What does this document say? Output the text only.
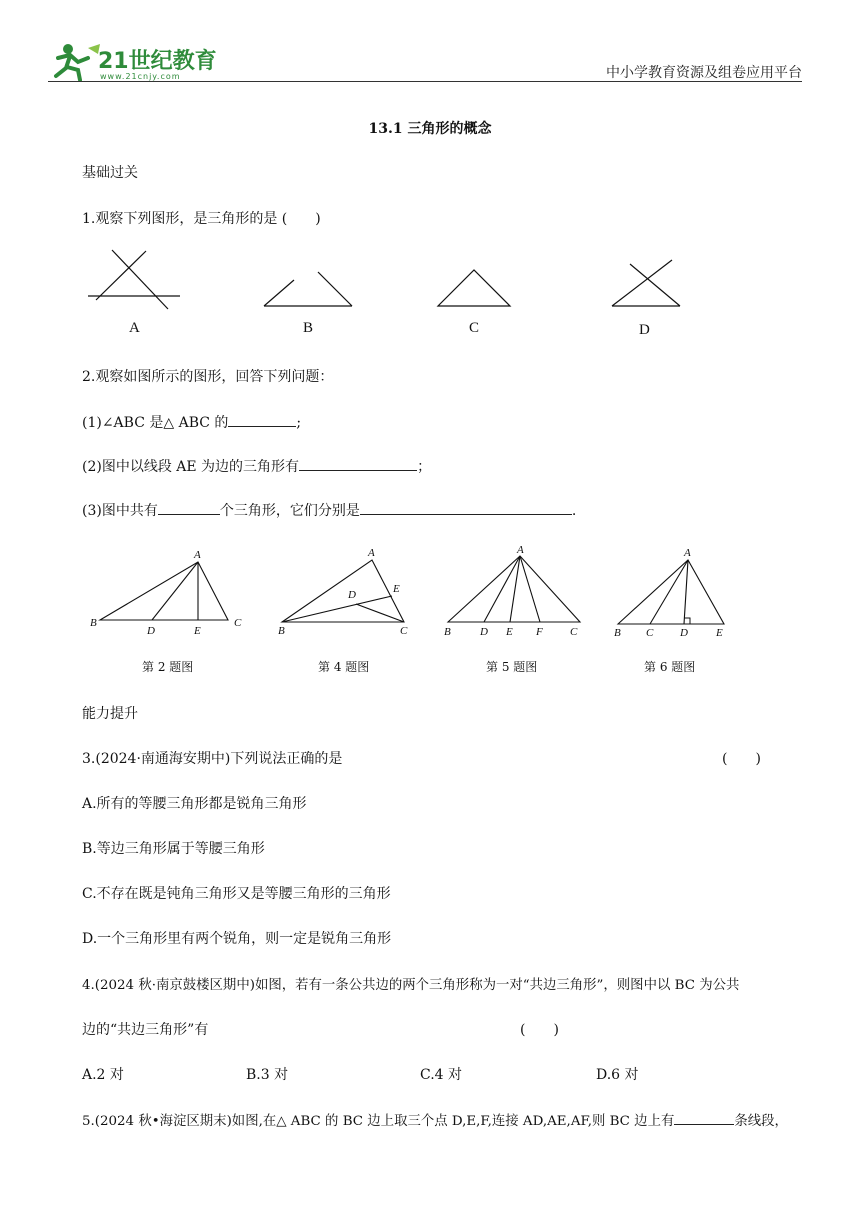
21世纪教育
www.21cnjy.com	中小学教育资源及组卷应用平台
13.1 三角形的概念
基础过关
1.观察下列图形，是三角形的是 (　　)
A	B	C	D
2.观察如图所示的图形，回答下列问题：
(1)∠ABC 是△ ABC 的	;
(2)图中以线段 AE 为边的三角形有	；
(3)图中共有	个三角形，它们分别是	.
A
B
D	E
C
A
E
D
B	C
A
B	D E F C
A
B C D	E
第 2 题图	第 4 题图	第 5 题图	第 6 题图
能力提升
3.(2024·南通海安期中)下列说法正确的是	(　　)
A.所有的等腰三角形都是锐角三角形
B.等边三角形属于等腰三角形
C.不存在既是钝角三角形又是等腰三角形的三角形
D.一个三角形里有两个锐角，则一定是锐角三角形
4.(2024 秋·南京鼓楼区期中)如图，若有一条公共边的两个三角形称为一对“共边三角形”，则图中以 BC 为公共
边的“共边三角形”有	(　　)
A.2 对	B.3 对	C.4 对	D.6 对
5.(2024 秋•海淀区期末)如图,在△ ABC 的 BC 边上取三个点 D,E,F,连接 AD,AE,AF,则 BC 边上有	条线段，
